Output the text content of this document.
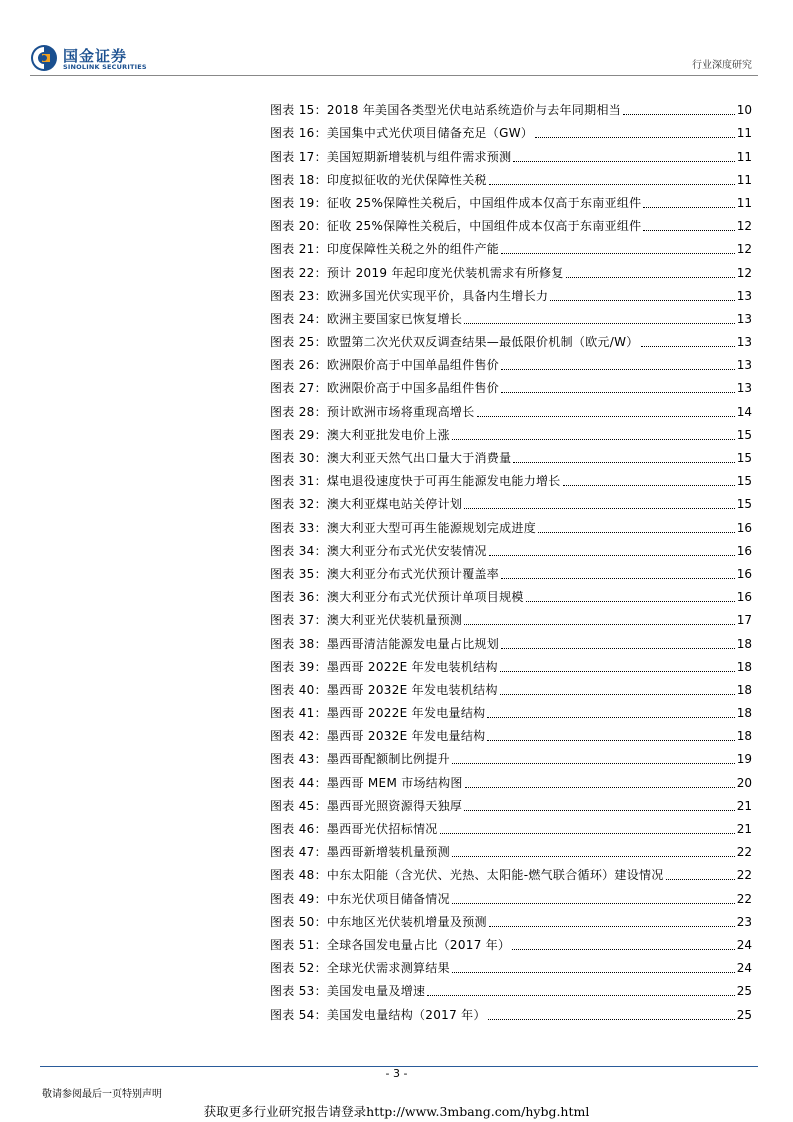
国金证券
SINOLINK SECURITIES	行业深度研究
图表 15： 2018 年美国各类型光伏电站系统造价与去年同期相当	10
图表 16： 美国集中式光伏项目储备充足（GW）	11
图表 17： 美国短期新增装机与组件需求预测	11
图表 18： 印度拟征收的光伏保障性关税	11
图表 19： 征收 25%保障性关税后，中国组件成本仅高于东南亚组件	11
图表 20： 征收 25%保障性关税后，中国组件成本仅高于东南亚组件	12
图表 21： 印度保障性关税之外的组件产能	12
图表 22： 预计 2019 年起印度光伏装机需求有所修复	12
图表 23： 欧洲多国光伏实现平价，具备内生增长力	13
图表 24： 欧洲主要国家已恢复增长	13
图表 25： 欧盟第二次光伏双反调查结果—最低限价机制（欧元/W）	13
图表 26： 欧洲限价高于中国单晶组件售价	13
图表 27： 欧洲限价高于中国多晶组件售价	13
图表 28： 预计欧洲市场将重现高增长	14
图表 29： 澳大利亚批发电价上涨	15
图表 30： 澳大利亚天然气出口量大于消费量	15
图表 31： 煤电退役速度快于可再生能源发电能力增长	15
图表 32： 澳大利亚煤电站关停计划	15
图表 33： 澳大利亚大型可再生能源规划完成进度	16
图表 34： 澳大利亚分布式光伏安装情况	16
图表 35： 澳大利亚分布式光伏预计覆盖率	16
图表 36： 澳大利亚分布式光伏预计单项目规模	16
图表 37： 澳大利亚光伏装机量预测	17
图表 38： 墨西哥清洁能源发电量占比规划	18
图表 39： 墨西哥 2022E 年发电装机结构	18
图表 40： 墨西哥 2032E 年发电装机结构	18
图表 41： 墨西哥 2022E 年发电量结构	18
图表 42： 墨西哥 2032E 年发电量结构	18
图表 43： 墨西哥配额制比例提升	19
图表 44： 墨西哥 MEM 市场结构图	20
图表 45： 墨西哥光照资源得天独厚	21
图表 46： 墨西哥光伏招标情况	21
图表 47： 墨西哥新增装机量预测	22
图表 48： 中东太阳能（含光伏、光热、太阳能-燃气联合循环）建设情况	22
图表 49： 中东光伏项目储备情况	22
图表 50： 中东地区光伏装机增量及预测	23
图表 51： 全球各国发电量占比（2017 年）	24
图表 52： 全球光伏需求测算结果	24
图表 53： 美国发电量及增速	25
图表 54： 美国发电量结构（2017 年）	25
- 3 -
敬请参阅最后一页特别声明
获取更多行业研究报告请登录http://www.3mbang.com/hybg.html
